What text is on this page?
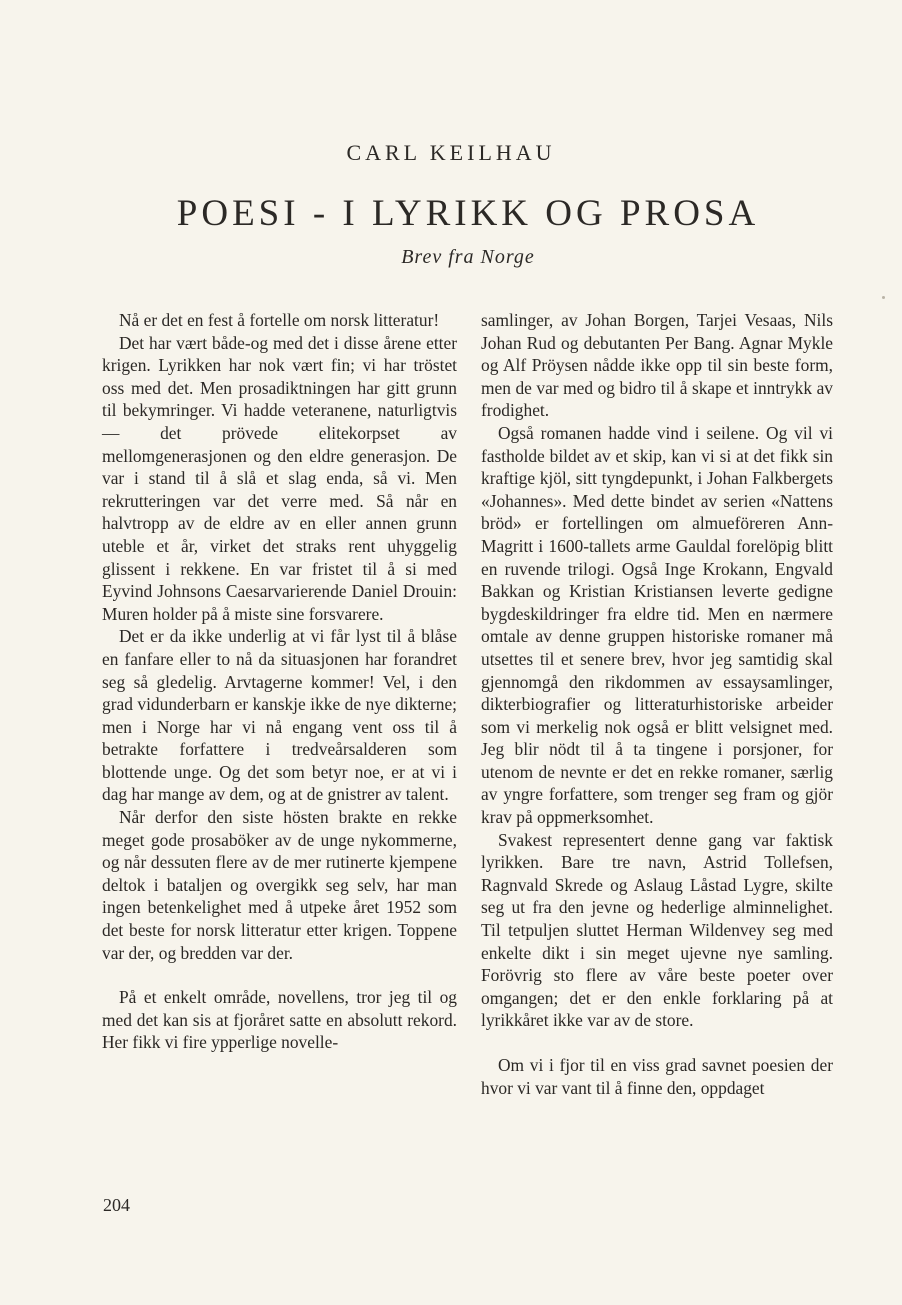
CARL KEILHAU
POESI - I LYRIKK OG PROSA
Brev fra Norge

Nå er det en fest å fortelle om norsk litteratur!

Det har vært både-og med det i disse årene etter krigen. Lyrikken har nok vært fin; vi har tröstet oss med det. Men prosadiktningen har gitt grunn til bekymringer. Vi hadde veteranene, naturligtvis — det prövede elitekorpset av mellomgenerasjonen og den eldre generasjon. De var i stand til å slå et slag enda, så vi. Men rekrutteringen var det verre med. Så når en halvtropp av de eldre av en eller annen grunn uteble et år, virket det straks rent uhyggelig glissent i rekkene. En var fristet til å si med Eyvind Johnsons Caesarvarierende Daniel Drouin: Muren holder på å miste sine forsvarere.

Det er da ikke underlig at vi får lyst til å blåse en fanfare eller to nå da situasjonen har forandret seg så gledelig. Arvtagerne kommer! Vel, i den grad vidunderbarn er kanskje ikke de nye dikterne; men i Norge har vi nå engang vent oss til å betrakte forfattere i tredveårsalderen som blottende unge. Og det som betyr noe, er at vi i dag har mange av dem, og at de gnistrer av talent.

Når derfor den siste hösten brakte en rekke meget gode prosaböker av de unge nykommerne, og når dessuten flere av de mer rutinerte kjempene deltok i bataljen og overgikk seg selv, har man ingen betenkelighet med å utpeke året 1952 som det beste for norsk litteratur etter krigen. Toppene var der, og bredden var der.

På et enkelt område, novellens, tror jeg til og med det kan sis at fjoråret satte en absolutt rekord. Her fikk vi fire ypperlige novelle-

samlinger, av Johan Borgen, Tarjei Vesaas, Nils Johan Rud og debutanten Per Bang. Agnar Mykle og Alf Pröysen nådde ikke opp til sin beste form, men de var med og bidro til å skape et inntrykk av frodighet.

Også romanen hadde vind i seilene. Og vil vi fastholde bildet av et skip, kan vi si at det fikk sin kraftige kjöl, sitt tyngdepunkt, i Johan Falkbergets «Johannes». Med dette bindet av serien «Nattens bröd» er fortellingen om almueföreren Ann-Magritt i 1600-tallets arme Gauldal forelöpig blitt en ruvende trilogi. Også Inge Krokann, Engvald Bakkan og Kristian Kristiansen leverte gedigne bygdeskildringer fra eldre tid. Men en nærmere omtale av denne gruppen historiske romaner må utsettes til et senere brev, hvor jeg samtidig skal gjennomgå den rikdommen av essaysamlinger, dikterbiografier og litteraturhistoriske arbeider som vi merkelig nok også er blitt velsignet med. Jeg blir nödt til å ta tingene i porsjoner, for utenom de nevnte er det en rekke romaner, særlig av yngre forfattere, som trenger seg fram og gjör krav på oppmerksomhet.

Svakest representert denne gang var faktisk lyrikken. Bare tre navn, Astrid Tollefsen, Ragnvald Skrede og Aslaug Låstad Lygre, skilte seg ut fra den jevne og hederlige alminnelighet. Til tetpuljen sluttet Herman Wildenvey seg med enkelte dikt i sin meget ujevne nye samling. Forövrig sto flere av våre beste poeter over omgangen; det er den enkle forklaring på at lyrikkåret ikke var av de store.

Om vi i fjor til en viss grad savnet poesien der hvor vi var vant til å finne den, oppdaget

204
